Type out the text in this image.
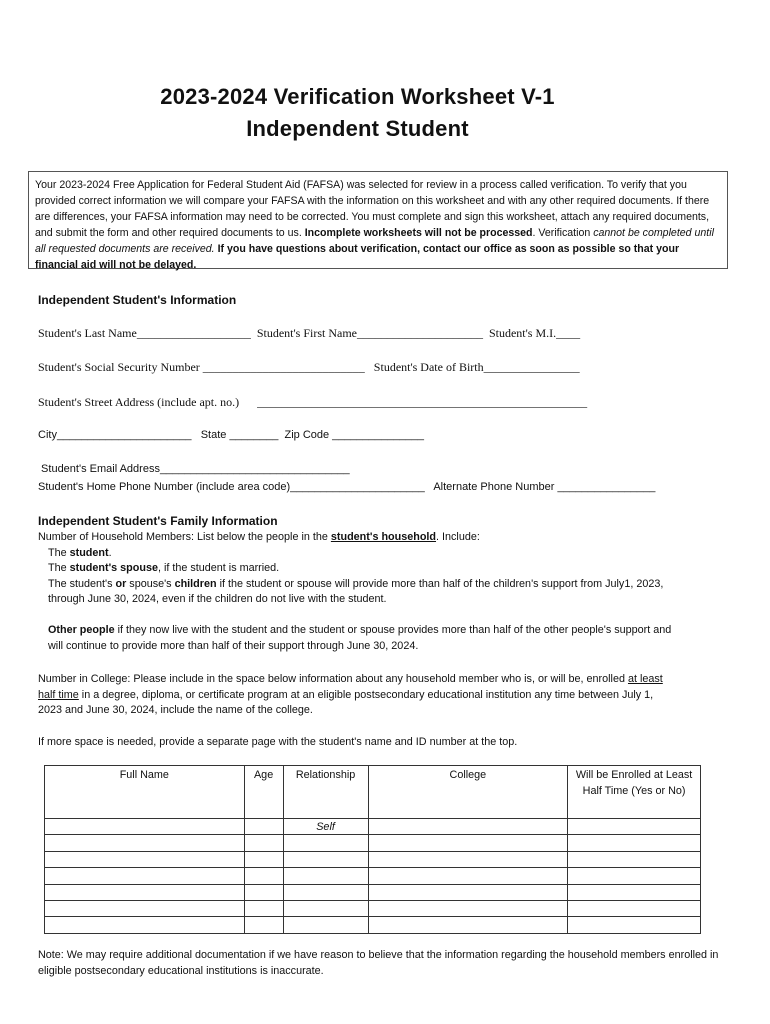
2023-2024 Verification Worksheet V-1
Independent Student
Your 2023-2024 Free Application for Federal Student Aid (FAFSA) was selected for review in a process called verification. To verify that you provided correct information we will compare your FAFSA with the information on this worksheet and with any other required documents. If there are differences, your FAFSA information may need to be corrected. You must complete and sign this worksheet, attach any required documents, and submit the form and other required documents to us. Incomplete worksheets will not be processed. Verification cannot be completed until all requested documents are received. If you have questions about verification, contact our office as soon as possible so that your financial aid will not be delayed.
Independent Student's Information
Student's Last Name___________________  Student's First Name_____________________  Student's M.I.____
Student's Social Security Number ___________________________   Student's Date of Birth________________
Student's Street Address (include apt. no.)      _______________________________________________________
City______________________   State ________  Zip Code _______________
Student's Email Address_______________________________
Student's Home Phone Number (include area code)______________________   Alternate Phone Number ________________
Independent Student's Family Information
Number of Household Members: List below the people in the student's household. Include:
The student.
The student's spouse, if the student is married.
The student's or spouse's children if the student or spouse will provide more than half of the children's support from July1, 2023, through June 30, 2024, even if the children do not live with the student.
Other people if they now live with the student and the student or spouse provides more than half of the other people's support and will continue to provide more than half of their support through June 30, 2024.
Number in College: Please include in the space below information about any household member who is, or will be, enrolled at least half time in a degree, diploma, or certificate program at an eligible postsecondary educational institution any time between July 1, 2023 and June 30, 2024, include the name of the college.
If more space is needed, provide a separate page with the student's name and ID number at the top.
Full Name	Age	Relationship	College	Will be Enrolled at Least Half Time (Yes or No)
		Self		

Note: We may require additional documentation if we have reason to believe that the information regarding the household members enrolled in eligible postsecondary educational institutions is inaccurate.
